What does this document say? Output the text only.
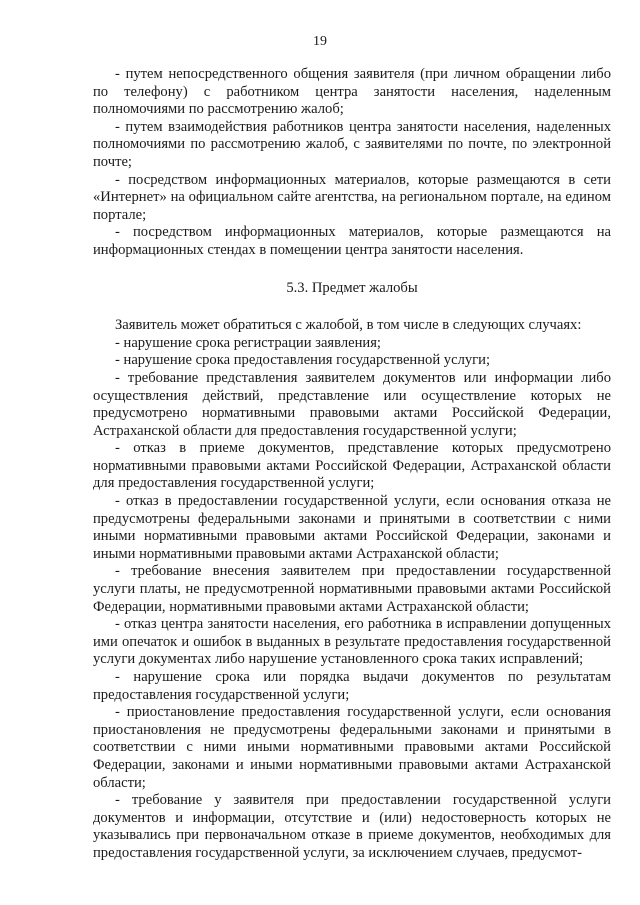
19

- путем непосредственного общения заявителя (при личном обращении либо по телефону) с работником центра занятости населения, наделенным полномочиями по рассмотрению жалоб;

- путем взаимодействия работников центра занятости населения, наделенных полномочиями по рассмотрению жалоб, с заявителями по почте, по электронной почте;

- посредством информационных материалов, которые размещаются в сети «Интернет» на официальном сайте агентства, на региональном портале, на едином портале;

- посредством информационных материалов, которые размещаются на информационных стендах в помещении центра занятости населения.

5.3. Предмет жалобы

Заявитель может обратиться с жалобой, в том числе в следующих случаях:

- нарушение срока регистрации заявления;

- нарушение срока предоставления государственной услуги;

- требование представления заявителем документов или информации либо осуществления действий, представление или осуществление которых не предусмотрено нормативными правовыми актами Российской Федерации, Астраханской области для предоставления государственной услуги;

- отказ в приеме документов, представление которых предусмотрено нормативными правовыми актами Российской Федерации, Астраханской области для предоставления государственной услуги;

- отказ в предоставлении государственной услуги, если основания отказа не предусмотрены федеральными законами и принятыми в соответствии с ними иными нормативными правовыми актами Российской Федерации, законами и иными нормативными правовыми актами Астраханской области;

- требование внесения заявителем при предоставлении государственной услуги платы, не предусмотренной нормативными правовыми актами Российской Федерации, нормативными правовыми актами Астраханской области;

- отказ центра занятости населения, его работника в исправлении допущенных ими опечаток и ошибок в выданных в результате предоставления государственной услуги документах либо нарушение установленного срока таких исправлений;

- нарушение срока или порядка выдачи документов по результатам предоставления государственной услуги;

- приостановление предоставления государственной услуги, если основания приостановления не предусмотрены федеральными законами и принятыми в соответствии с ними иными нормативными правовыми актами Российской Федерации, законами и иными нормативными правовыми актами Астраханской области;

- требование у заявителя при предоставлении государственной услуги документов и информации, отсутствие и (или) недостоверность которых не указывались при первоначальном отказе в приеме документов, необходимых для предоставления государственной услуги, за исключением случаев, предусмот-
